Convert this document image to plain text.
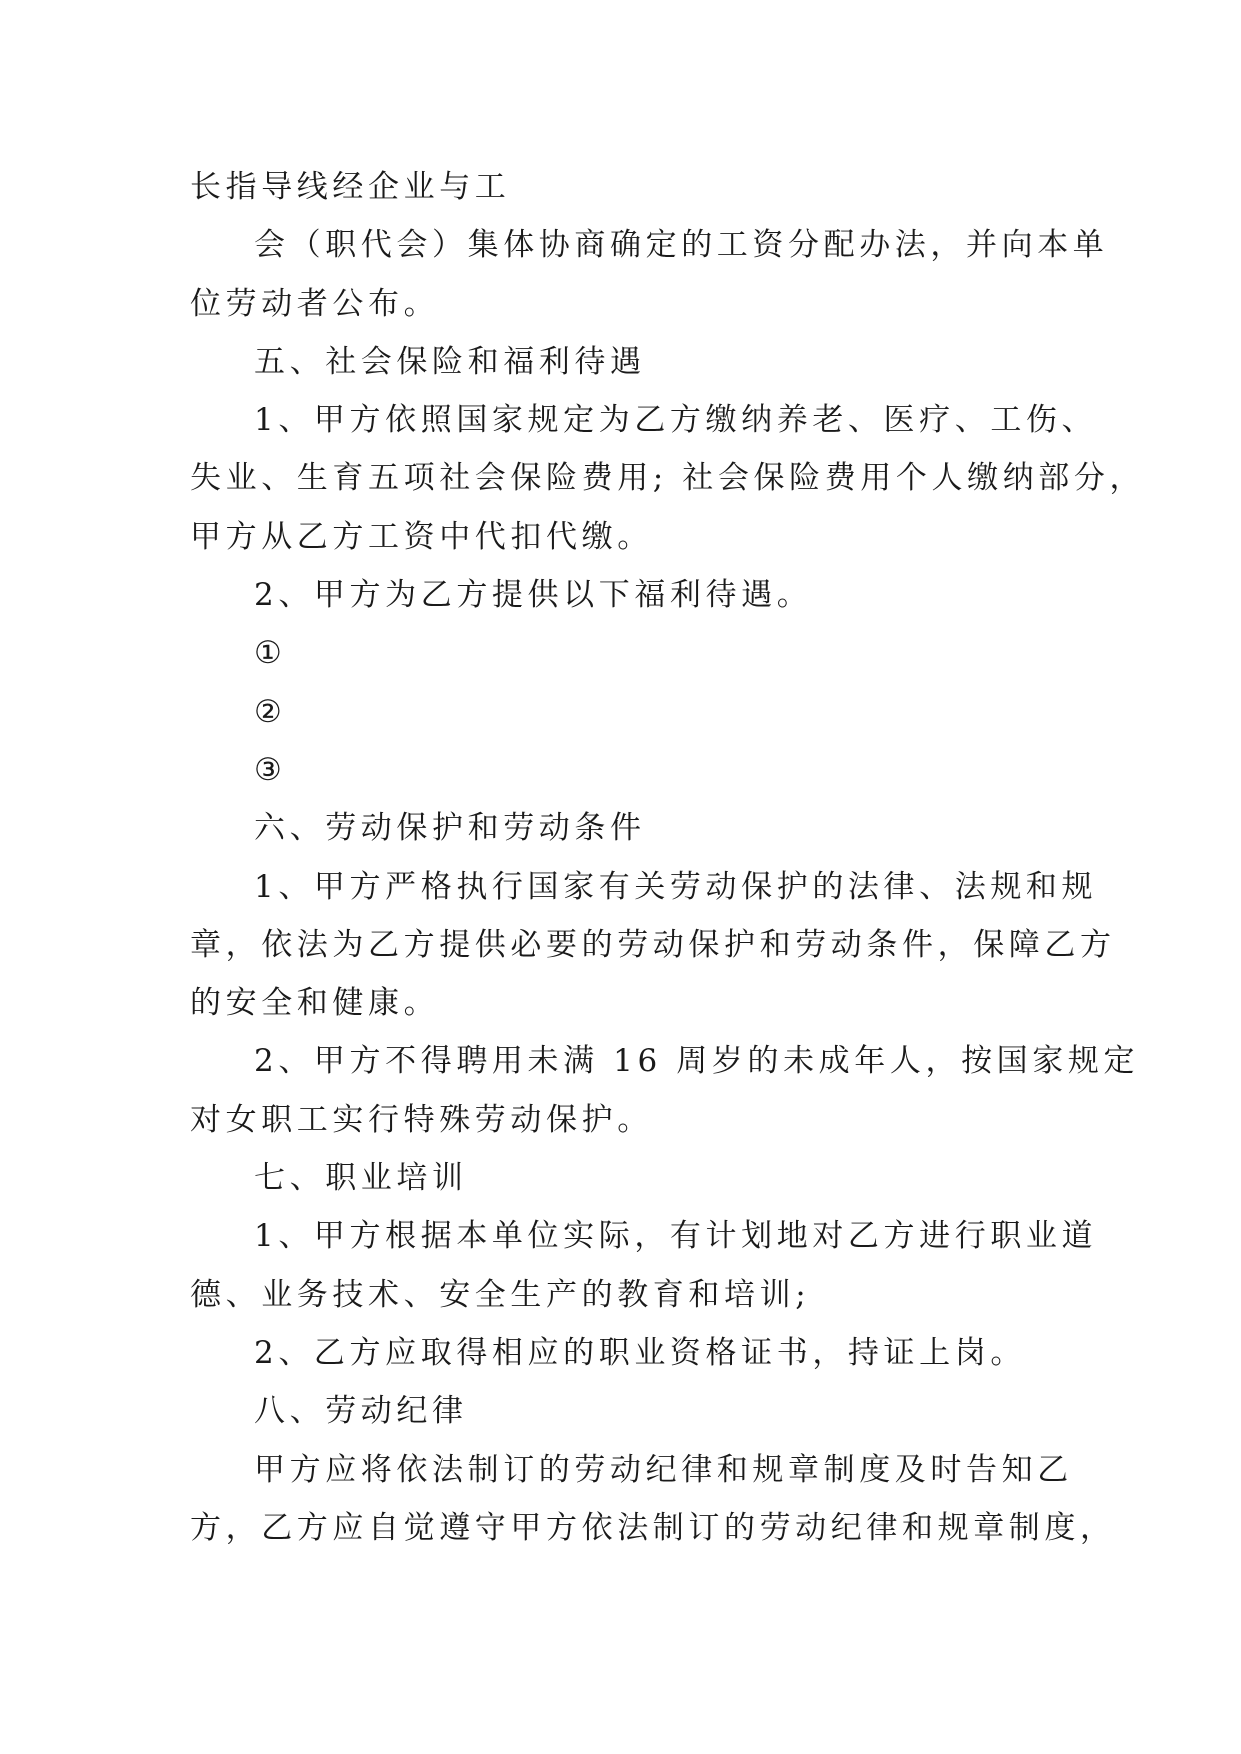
长指导线经企业与工
会（职代会）集体协商确定的工资分配办法，并向本单
位劳动者公布。
五、社会保险和福利待遇
1、甲方依照国家规定为乙方缴纳养老、医疗、工伤、
失业、生育五项社会保险费用; 社会保险费用个人缴纳部分，
甲方从乙方工资中代扣代缴。
2、甲方为乙方提供以下福利待遇。
①
②
③
六、劳动保护和劳动条件
1、甲方严格执行国家有关劳动保护的法律、法规和规
章，依法为乙方提供必要的劳动保护和劳动条件，保障乙方
的安全和健康。
2、甲方不得聘用未满 16 周岁的未成年人，按国家规定
对女职工实行特殊劳动保护。
七、职业培训
1、甲方根据本单位实际，有计划地对乙方进行职业道
德、业务技术、安全生产的教育和培训;
2、乙方应取得相应的职业资格证书，持证上岗。
八、劳动纪律
甲方应将依法制订的劳动纪律和规章制度及时告知乙
方，乙方应自觉遵守甲方依法制订的劳动纪律和规章制度，
